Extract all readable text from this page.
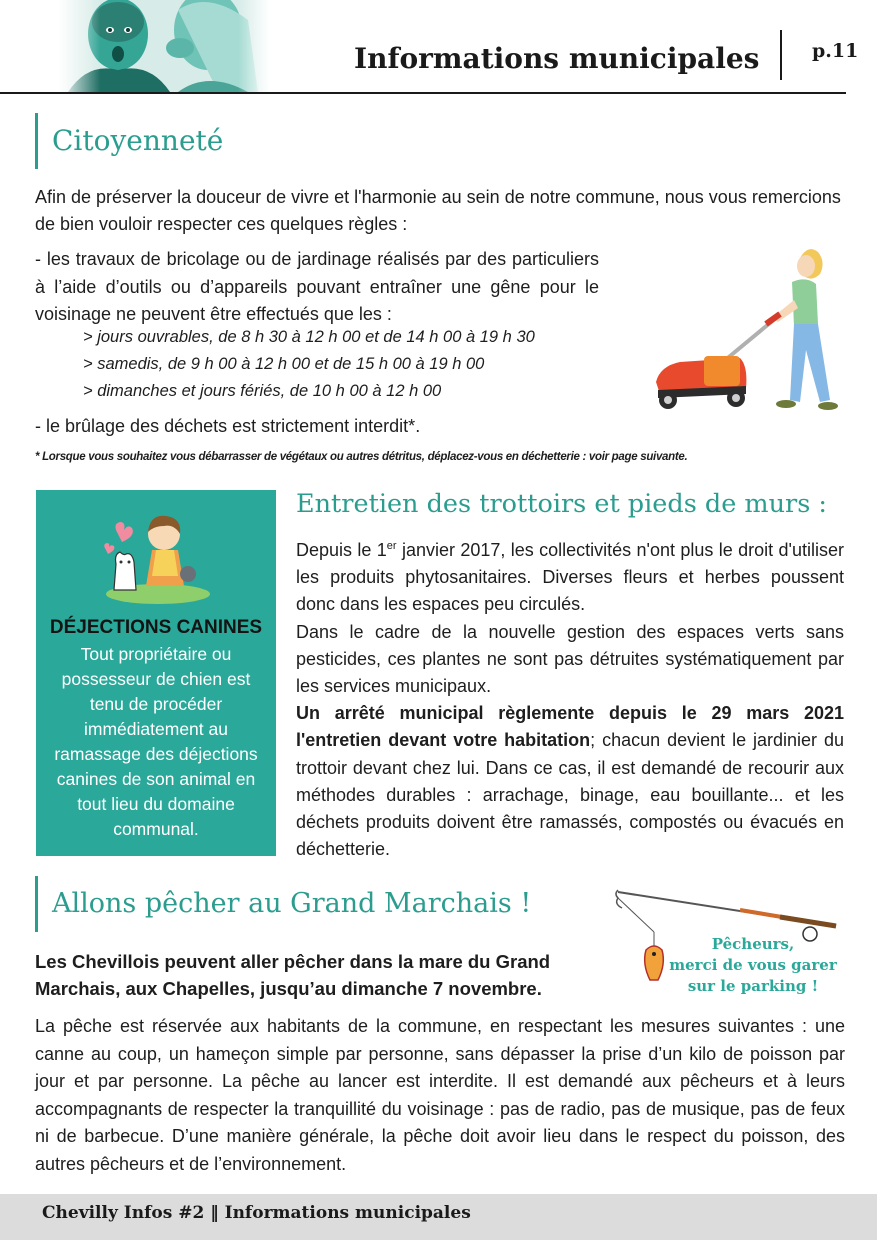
Informations municipales	p.11
Citoyenneté

Afin de préserver la douceur de vivre et l'harmonie au sein de notre commune, nous vous remercions de bien vouloir respecter ces quelques règles :

- les travaux de bricolage ou de jardinage réalisés par des particuliers à l’aide d’outils ou d’appareils pouvant entraîner une gêne pour le voisinage ne peuvent être effectués que les :

> jours ouvrables, de 8 h 30 à 12 h 00 et de 14 h 00 à 19 h 30
> samedis, de 9 h 00 à 12 h 00 et de 15 h 00 à 19 h 00
> dimanches et jours fériés, de 10 h 00 à 12 h 00

- le brûlage des déchets est strictement interdit*.

* Lorsque vous souhaitez vous débarrasser de végétaux ou autres détritus, déplacez-vous en déchetterie : voir page suivante.

DÉJECTIONS CANINES
Tout propriétaire ou possesseur de chien est tenu de procéder immédiatement au ramassage des déjections canines de son animal en tout lieu du domaine communal.
Entretien des trottoirs et pieds de murs :
Depuis le 1er janvier 2017, les collectivités n'ont plus le droit d'utiliser les produits phytosanitaires. Diverses fleurs et herbes poussent donc dans les espaces peu circulés.
Dans le cadre de la nouvelle gestion des espaces verts sans pesticides, ces plantes ne sont pas détruites systématiquement par les services municipaux.
Un arrêté municipal règlemente depuis le 29 mars 2021 l'entretien devant votre habitation; chacun devient le jardinier du trottoir devant chez lui. Dans ce cas, il est demandé de recourir aux méthodes durables : arrachage, binage, eau bouillante... et les déchets produits doivent être ramassés, compostés ou évacués en déchetterie.
Allons pêcher au Grand Marchais !
Pêcheurs,
merci de vous garer
sur le parking !

Les Chevillois peuvent aller pêcher dans la mare du Grand Marchais, aux Chapelles, jusqu’au dimanche 7 novembre.

La pêche est réservée aux habitants de la commune, en respectant les mesures suivantes : une canne au coup, un hameçon simple par personne, sans dépasser la prise d’un kilo de poisson par jour et par personne. La pêche au lancer est interdite. Il est demandé aux pêcheurs et à leurs accompagnants de respecter la tranquillité du voisinage : pas de radio, pas de musique, pas de feux ni de barbecue. D’une manière générale, la pêche doit avoir lieu dans le respect du poisson, des autres pêcheurs et de l’environnement.

Chevilly Infos #2 ‖ Informations municipales
